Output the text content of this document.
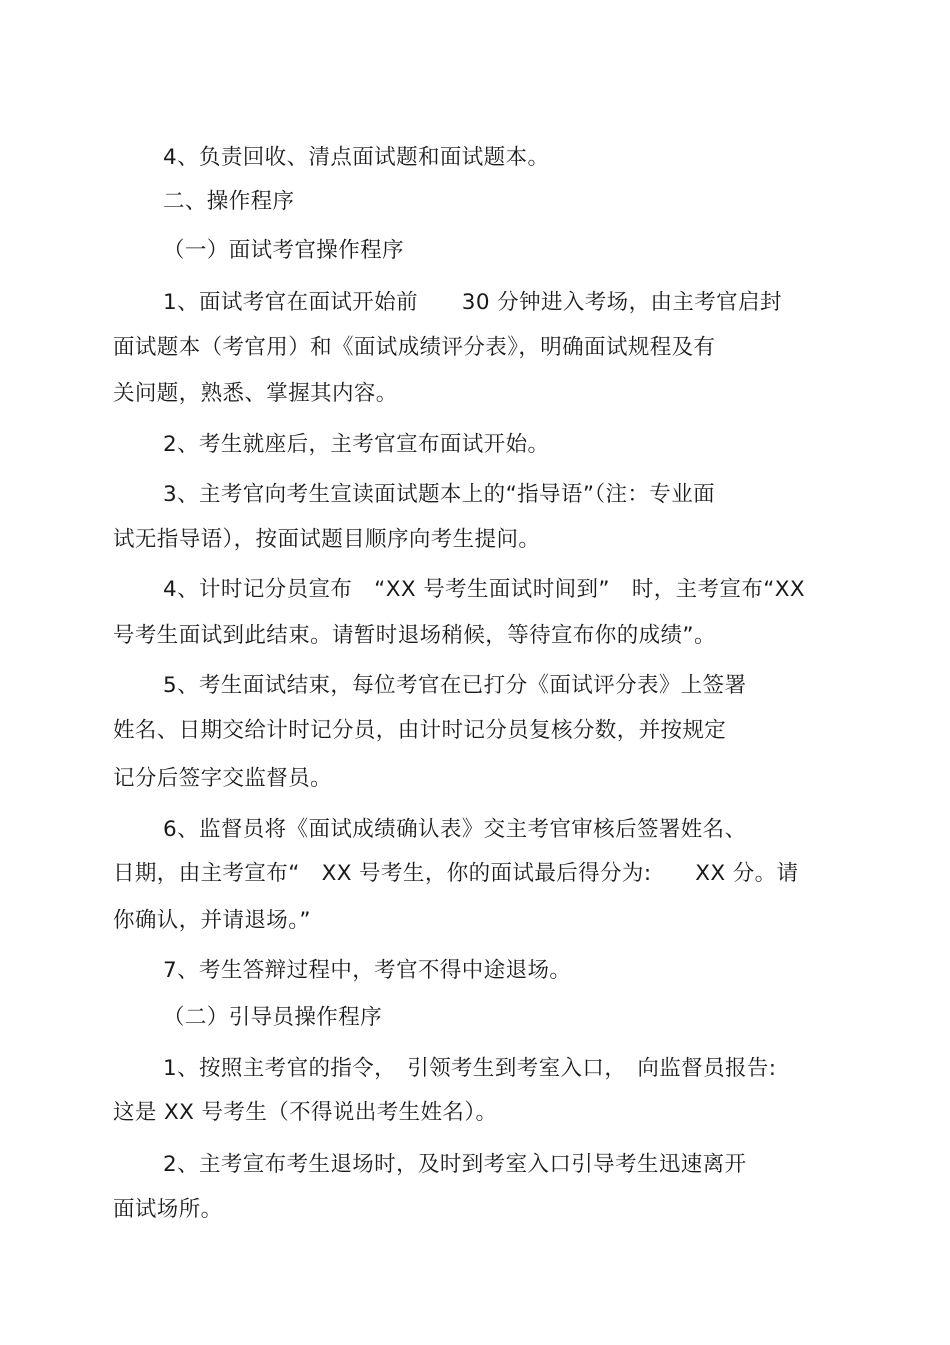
4、负责回收、清点面试题和面试题本。
二、操作程序
（一）面试考官操作程序
1、面试考官在面试开始前　　30 分钟进入考场，由主考官启封
面试题本（考官用）和《面试成绩评分表》，明确面试规程及有
关问题，熟悉、掌握其内容。
2、考生就座后，主考官宣布面试开始。
3、主考官向考生宣读面试题本上的“指导语”（注：专业面
试无指导语），按面试题目顺序向考生提问。
4、计时记分员宣布　“XX 号考生面试时间到”　时，主考宣布“XX
号考生面试到此结束。请暂时退场稍候，等待宣布你的成绩”。
5、考生面试结束，每位考官在已打分《面试评分表》上签署
姓名、日期交给计时记分员，由计时记分员复核分数，并按规定
记分后签字交监督员。
6、监督员将《面试成绩确认表》交主考官审核后签署姓名、
日期，由主考宣布“　XX 号考生，你的面试最后得分为:　　XX 分。请
你确认，并请退场。”
7、考生答辩过程中，考官不得中途退场。
（二）引导员操作程序
1、按照主考官的指令，　引领考生到考室入口，　向监督员报告:
这是 XX 号考生（不得说出考生姓名）。
2、主考宣布考生退场时，及时到考室入口引导考生迅速离开
面试场所。
